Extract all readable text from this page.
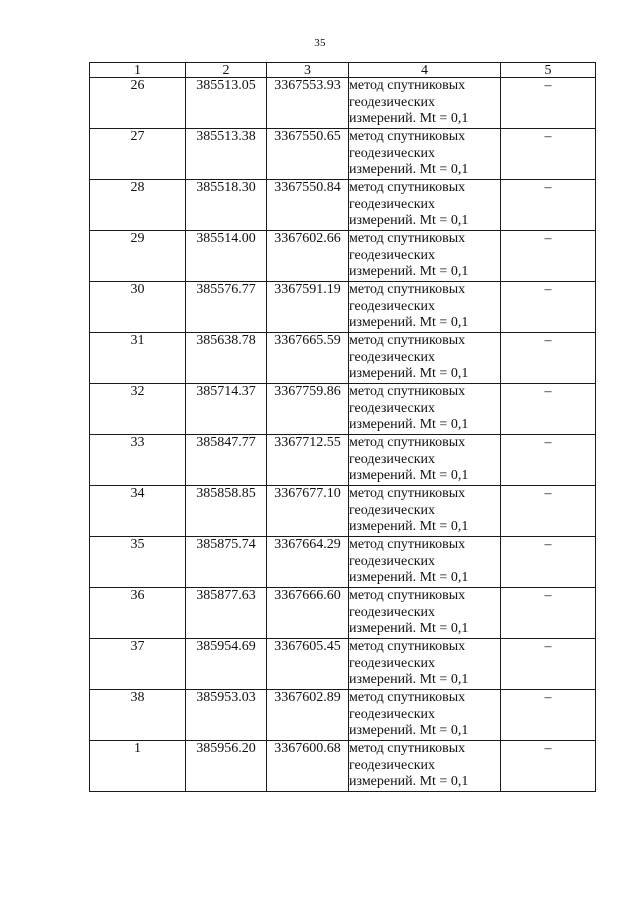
35
1	2	3	4	5
26	385513.05	3367553.93	метод спутниковых
геодезических
измерений. Mt = 0,1	–
27	385513.38	3367550.65	метод спутниковых
геодезических
измерений. Mt = 0,1	–
28	385518.30	3367550.84	метод спутниковых
геодезических
измерений. Mt = 0,1	–
29	385514.00	3367602.66	метод спутниковых
геодезических
измерений. Mt = 0,1	–
30	385576.77	3367591.19	метод спутниковых
геодезических
измерений. Mt = 0,1	–
31	385638.78	3367665.59	метод спутниковых
геодезических
измерений. Mt = 0,1	–
32	385714.37	3367759.86	метод спутниковых
геодезических
измерений. Mt = 0,1	–
33	385847.77	3367712.55	метод спутниковых
геодезических
измерений. Mt = 0,1	–
34	385858.85	3367677.10	метод спутниковых
геодезических
измерений. Mt = 0,1	–
35	385875.74	3367664.29	метод спутниковых
геодезических
измерений. Mt = 0,1	–
36	385877.63	3367666.60	метод спутниковых
геодезических
измерений. Mt = 0,1	–
37	385954.69	3367605.45	метод спутниковых
геодезических
измерений. Mt = 0,1	–
38	385953.03	3367602.89	метод спутниковых
геодезических
измерений. Mt = 0,1	–
1	385956.20	3367600.68	метод спутниковых
геодезических
измерений. Mt = 0,1	–
